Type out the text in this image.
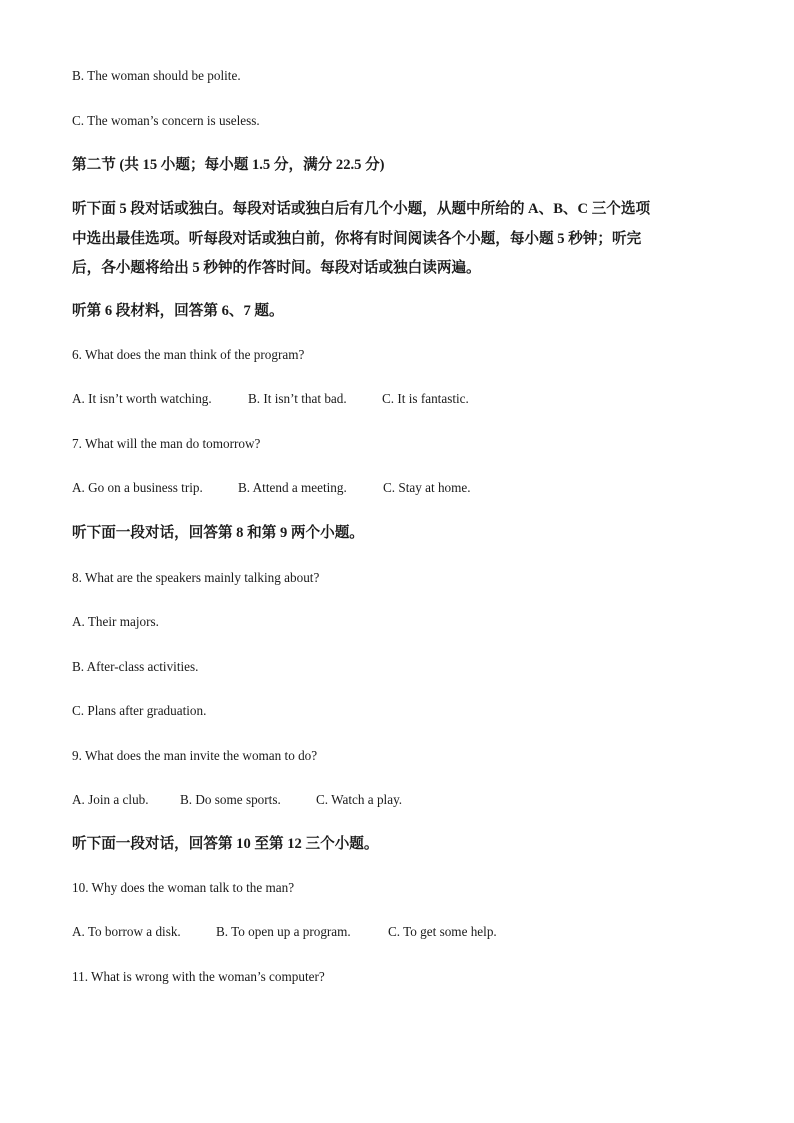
B. The woman should be polite.
C. The woman’s concern is useless.
第二节 (共 15 小题；每小题 1.5 分，满分 22.5 分)
听下面 5 段对话或独白。每段对话或独白后有几个小题，从题中所给的 A、B、C 三个选项
中选出最佳选项。听每段对话或独白前，你将有时间阅读各个小题，每小题 5 秒钟；听完
后，各小题将给出 5 秒钟的作答时间。每段对话或独白读两遍。
听第 6 段材料，回答第 6、7 题。
6. What does the man think of the program?
A. It isn’t worth watching.	B. It isn’t that bad.	C. It is fantastic.
7. What will the man do tomorrow?
A. Go on a business trip.	B. Attend a meeting.	C. Stay at home.
听下面一段对话，回答第 8 和第 9 两个小题。
8. What are the speakers mainly talking about?
A. Their majors.
B. After-class activities.
C. Plans after graduation.
9. What does the man invite the woman to do?
A. Join a club. B. Do some sports.	C. Watch a play.
听下面一段对话，回答第 10 至第 12 三个小题。
10. Why does the woman talk to the man?
A. To borrow a disk.	B. To open up a program.	C. To get some help.
11. What is wrong with the woman’s computer?
